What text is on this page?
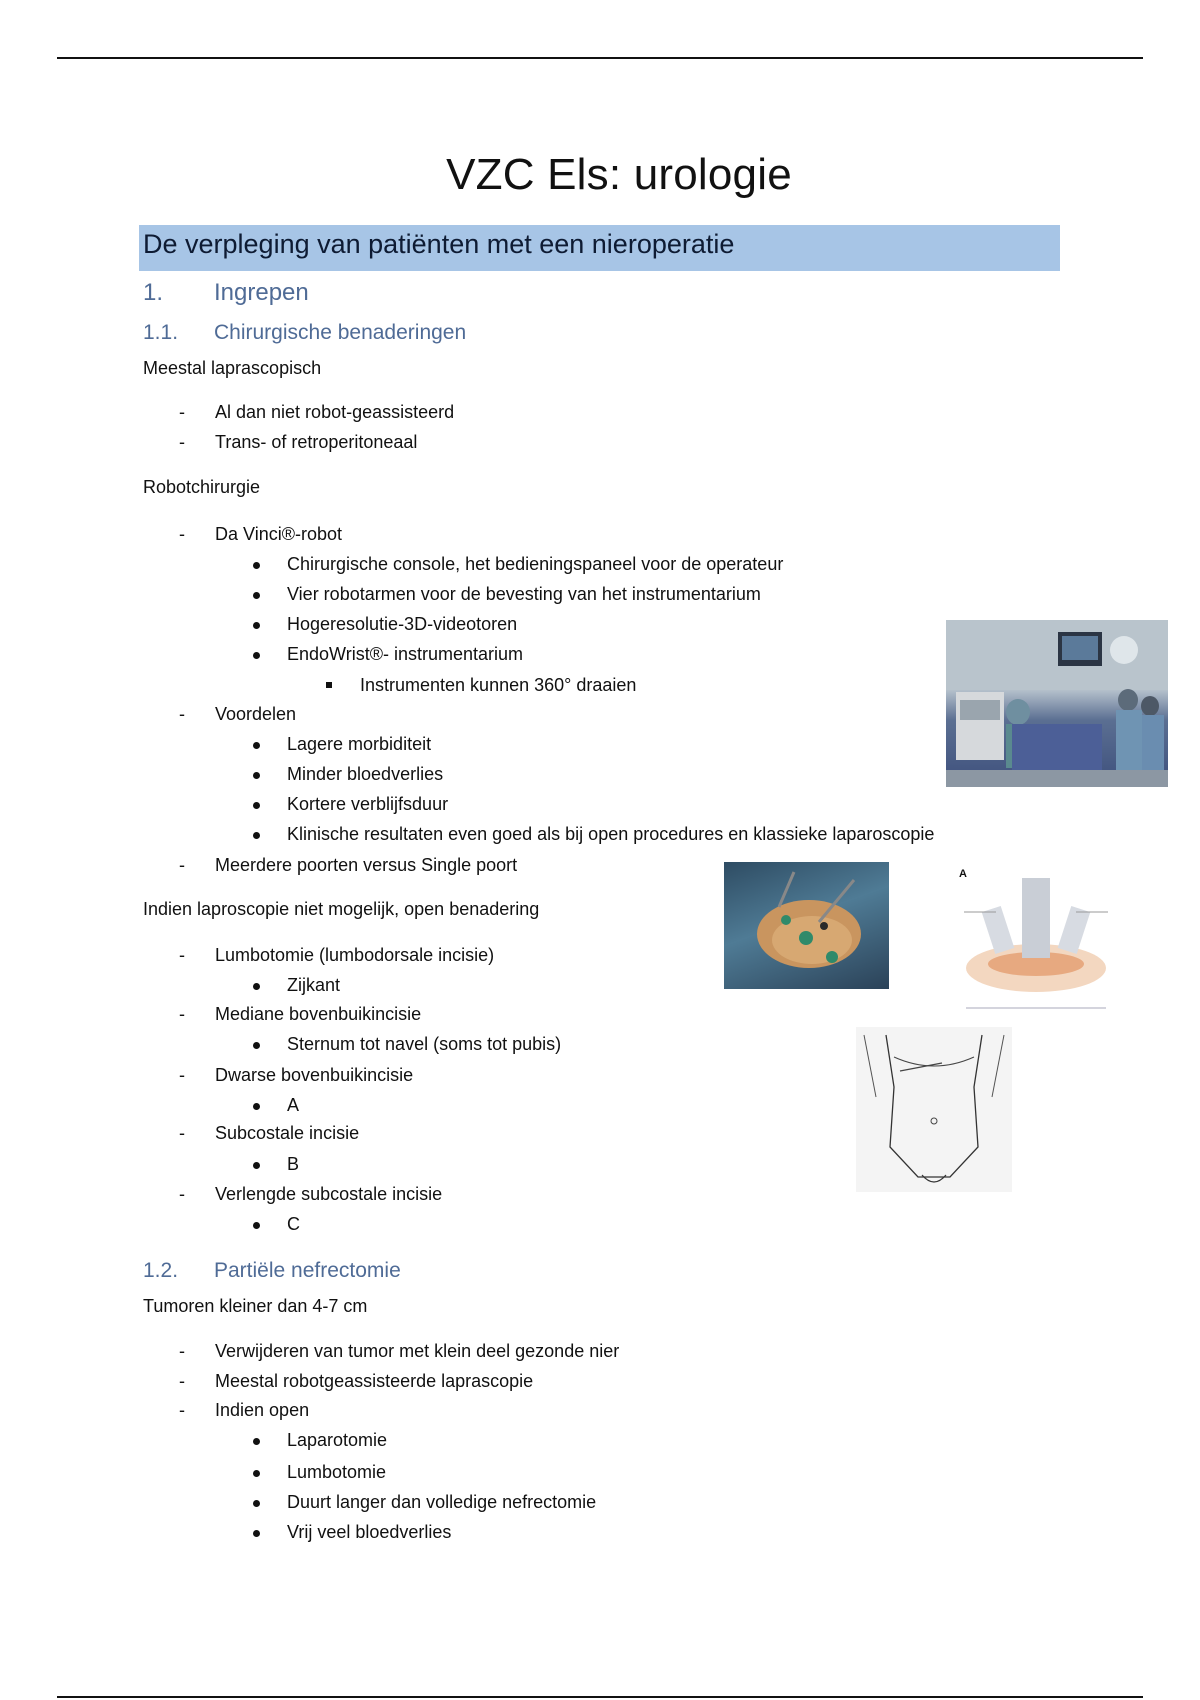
VZC Els: urologie
De verpleging van patiënten met een nieroperatie
1. Ingrepen
1.1. Chirurgische benaderingen
Meestal laprascopisch
- Al dan niet robot-geassisteerd
- Trans- of retroperitoneaal
Robotchirurgie
- Da Vinci®-robot
Chirurgische console, het bedieningspaneel voor de operateur
Vier robotarmen voor de bevesting van het instrumentarium
Hogeresolutie-3D-videotoren
EndoWrist®- instrumentarium
Instrumenten kunnen 360° draaien
- Voordelen
Lagere morbiditeit
Minder bloedverlies
Kortere verblijfsduur
Klinische resultaten even goed als bij open procedures en klassieke laparoscopie
- Meerdere poorten versus Single poort
Indien laproscopie niet mogelijk, open benadering
- Lumbotomie (lumbodorsale incisie)
Zijkant
- Mediane bovenbuikincisie
Sternum tot navel (soms tot pubis)
- Dwarse bovenbuikincisie
A
- Subcostale incisie
B
- Verlengde subcostale incisie
C
1.2. Partiële nefrectomie
Tumoren kleiner dan 4-7 cm
- Verwijderen van tumor met klein deel gezonde nier
- Meestal robotgeassisteerde laprascopie
- Indien open
Laparotomie
Lumbotomie
Duurt langer dan volledige nefrectomie
Vrij veel bloedverlies
A
